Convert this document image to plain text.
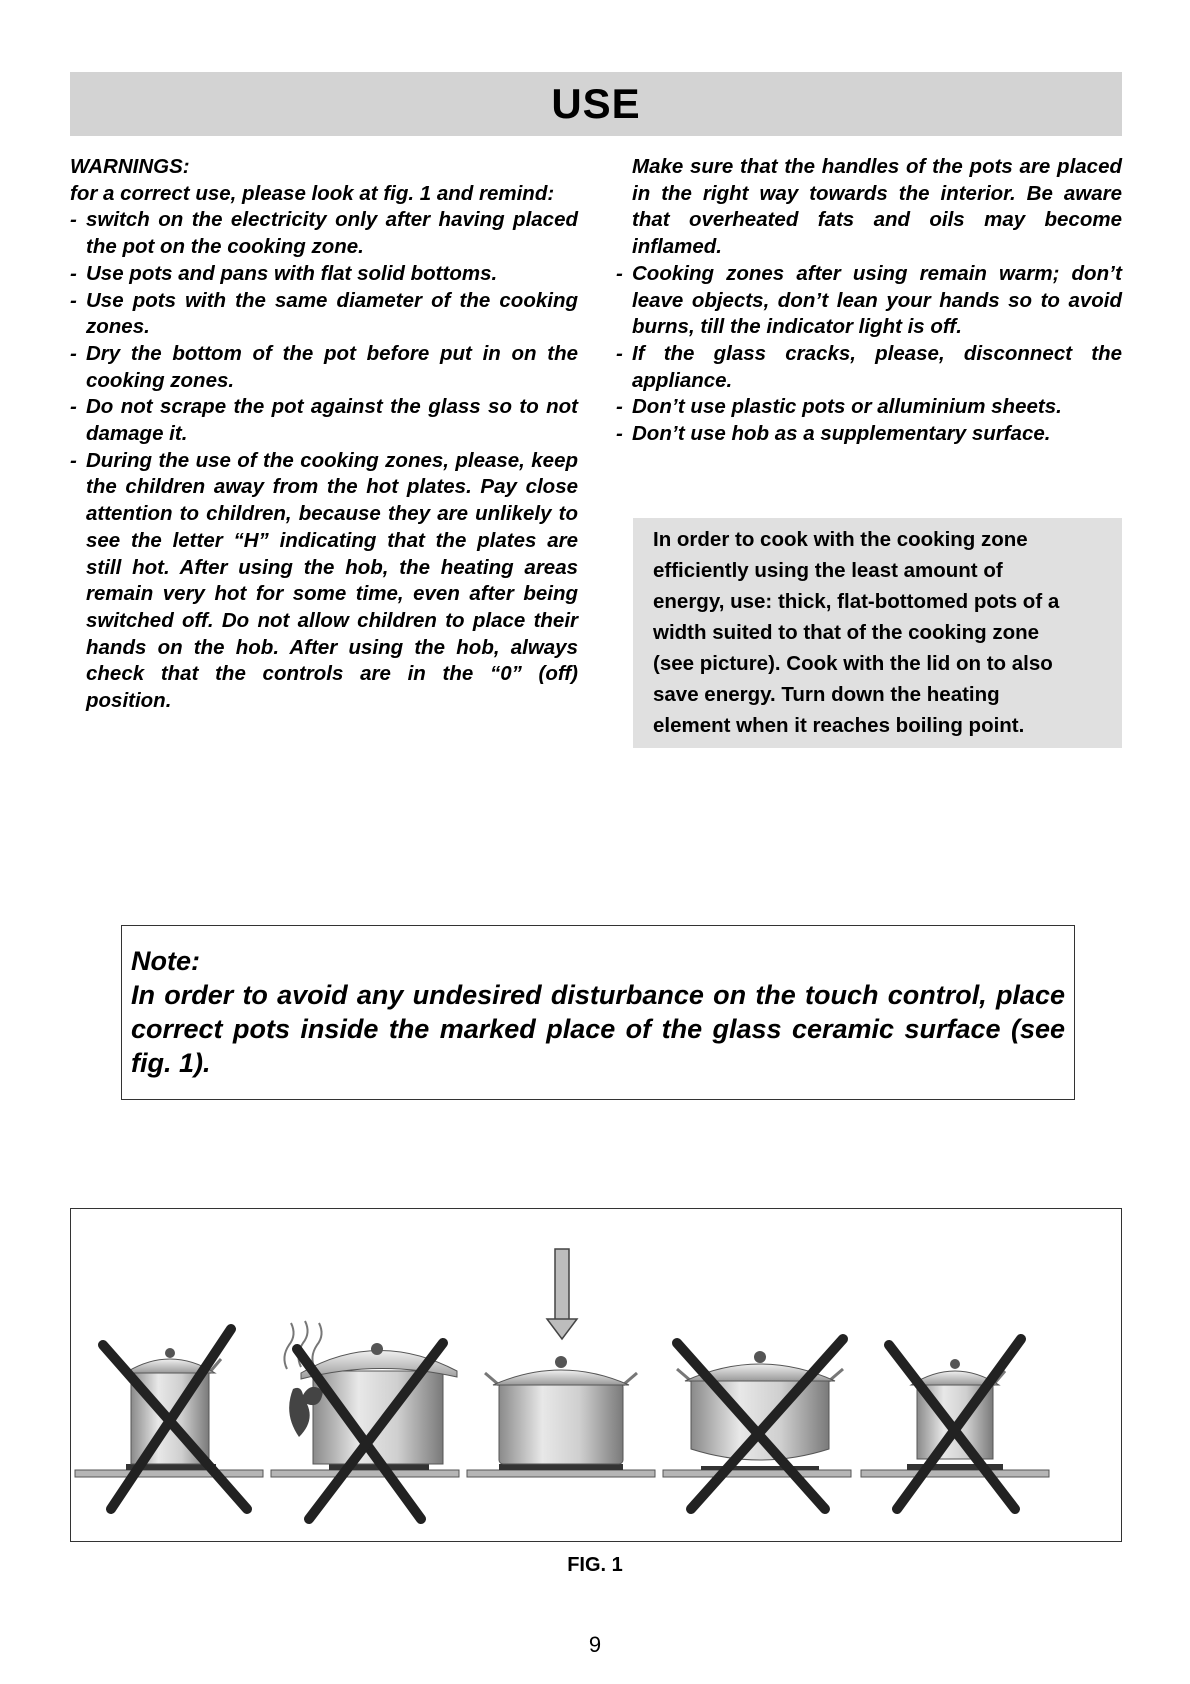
USE

WARNINGS:

for a correct use, please look at fig. 1 and remind:

- switch on the electricity only after having placed the pot on the cooking zone.
- Use pots and pans with flat solid bottoms.
- Use pots with the same diameter of the cooking zones.
- Dry the bottom of the pot before put in on the cooking zones.
- Do not scrape the pot against the glass so to not damage it.
- During the use of the cooking zones, please, keep the children away from the hot plates. Pay close attention to children, because they are unlikely to see the letter “H” indicating that the plates are still hot. After using the hob, the heating areas remain very hot for some time, even after being switched off. Do not allow children to place their hands on the hob. After using the hob, always check that the controls are in the “0” (off) position.

Make sure that the handles of the pots are placed in the right way towards the interior. Be aware that overheated fats and oils may become inflamed.

- Cooking zones after using remain warm; don’t leave objects, don’t lean your hands so to avoid burns, till the indicator light is off.
- If the glass cracks, please, disconnect the appliance.
- Don’t use plastic pots or alluminium sheets.
- Don’t use hob as a supplementary surface.
In order to cook with the cooking zone
efficiently using the least amount of
energy, use: thick, flat-bottomed pots of a
width suited to that of the cooking zone
(see picture). Cook with the lid on to also
save energy. Turn down the heating
element when it reaches boiling point.

Note:

In order to avoid any undesired disturbance on the touch control, place correct pots inside the marked place of the glass ceramic surface (see fig. 1).

FIG. 1
9
